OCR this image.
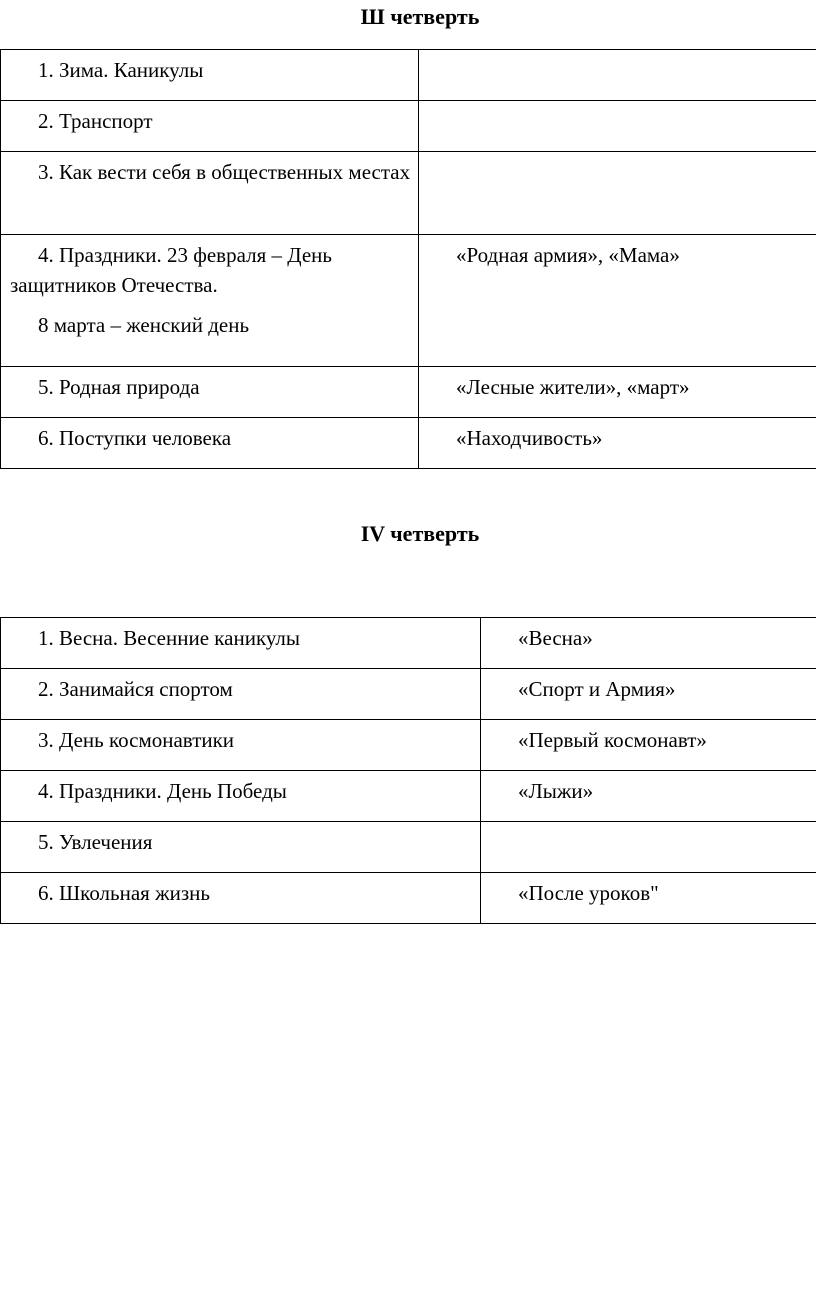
Ш четверть
1. Зима. Каникулы	

2. Транспорт	

3. Как вести себя в общественных местах	

4. Праздники. 23 февраля – День защитников Отечества.
8 марта – женский день	«Родная армия», «Мама»

5. Родная природа	«Лесные жители», «март»

6. Поступки человека	«Находчивость»
IV четверть
1. Весна. Весенние каникулы	«Весна»

2. Занимайся спортом	«Спорт и Армия»

3. День космонавтики	«Первый космонавт»

4. Праздники. День Победы	«Лыжи»

5. Увлечения	

6. Школьная жизнь	«После уроков"
